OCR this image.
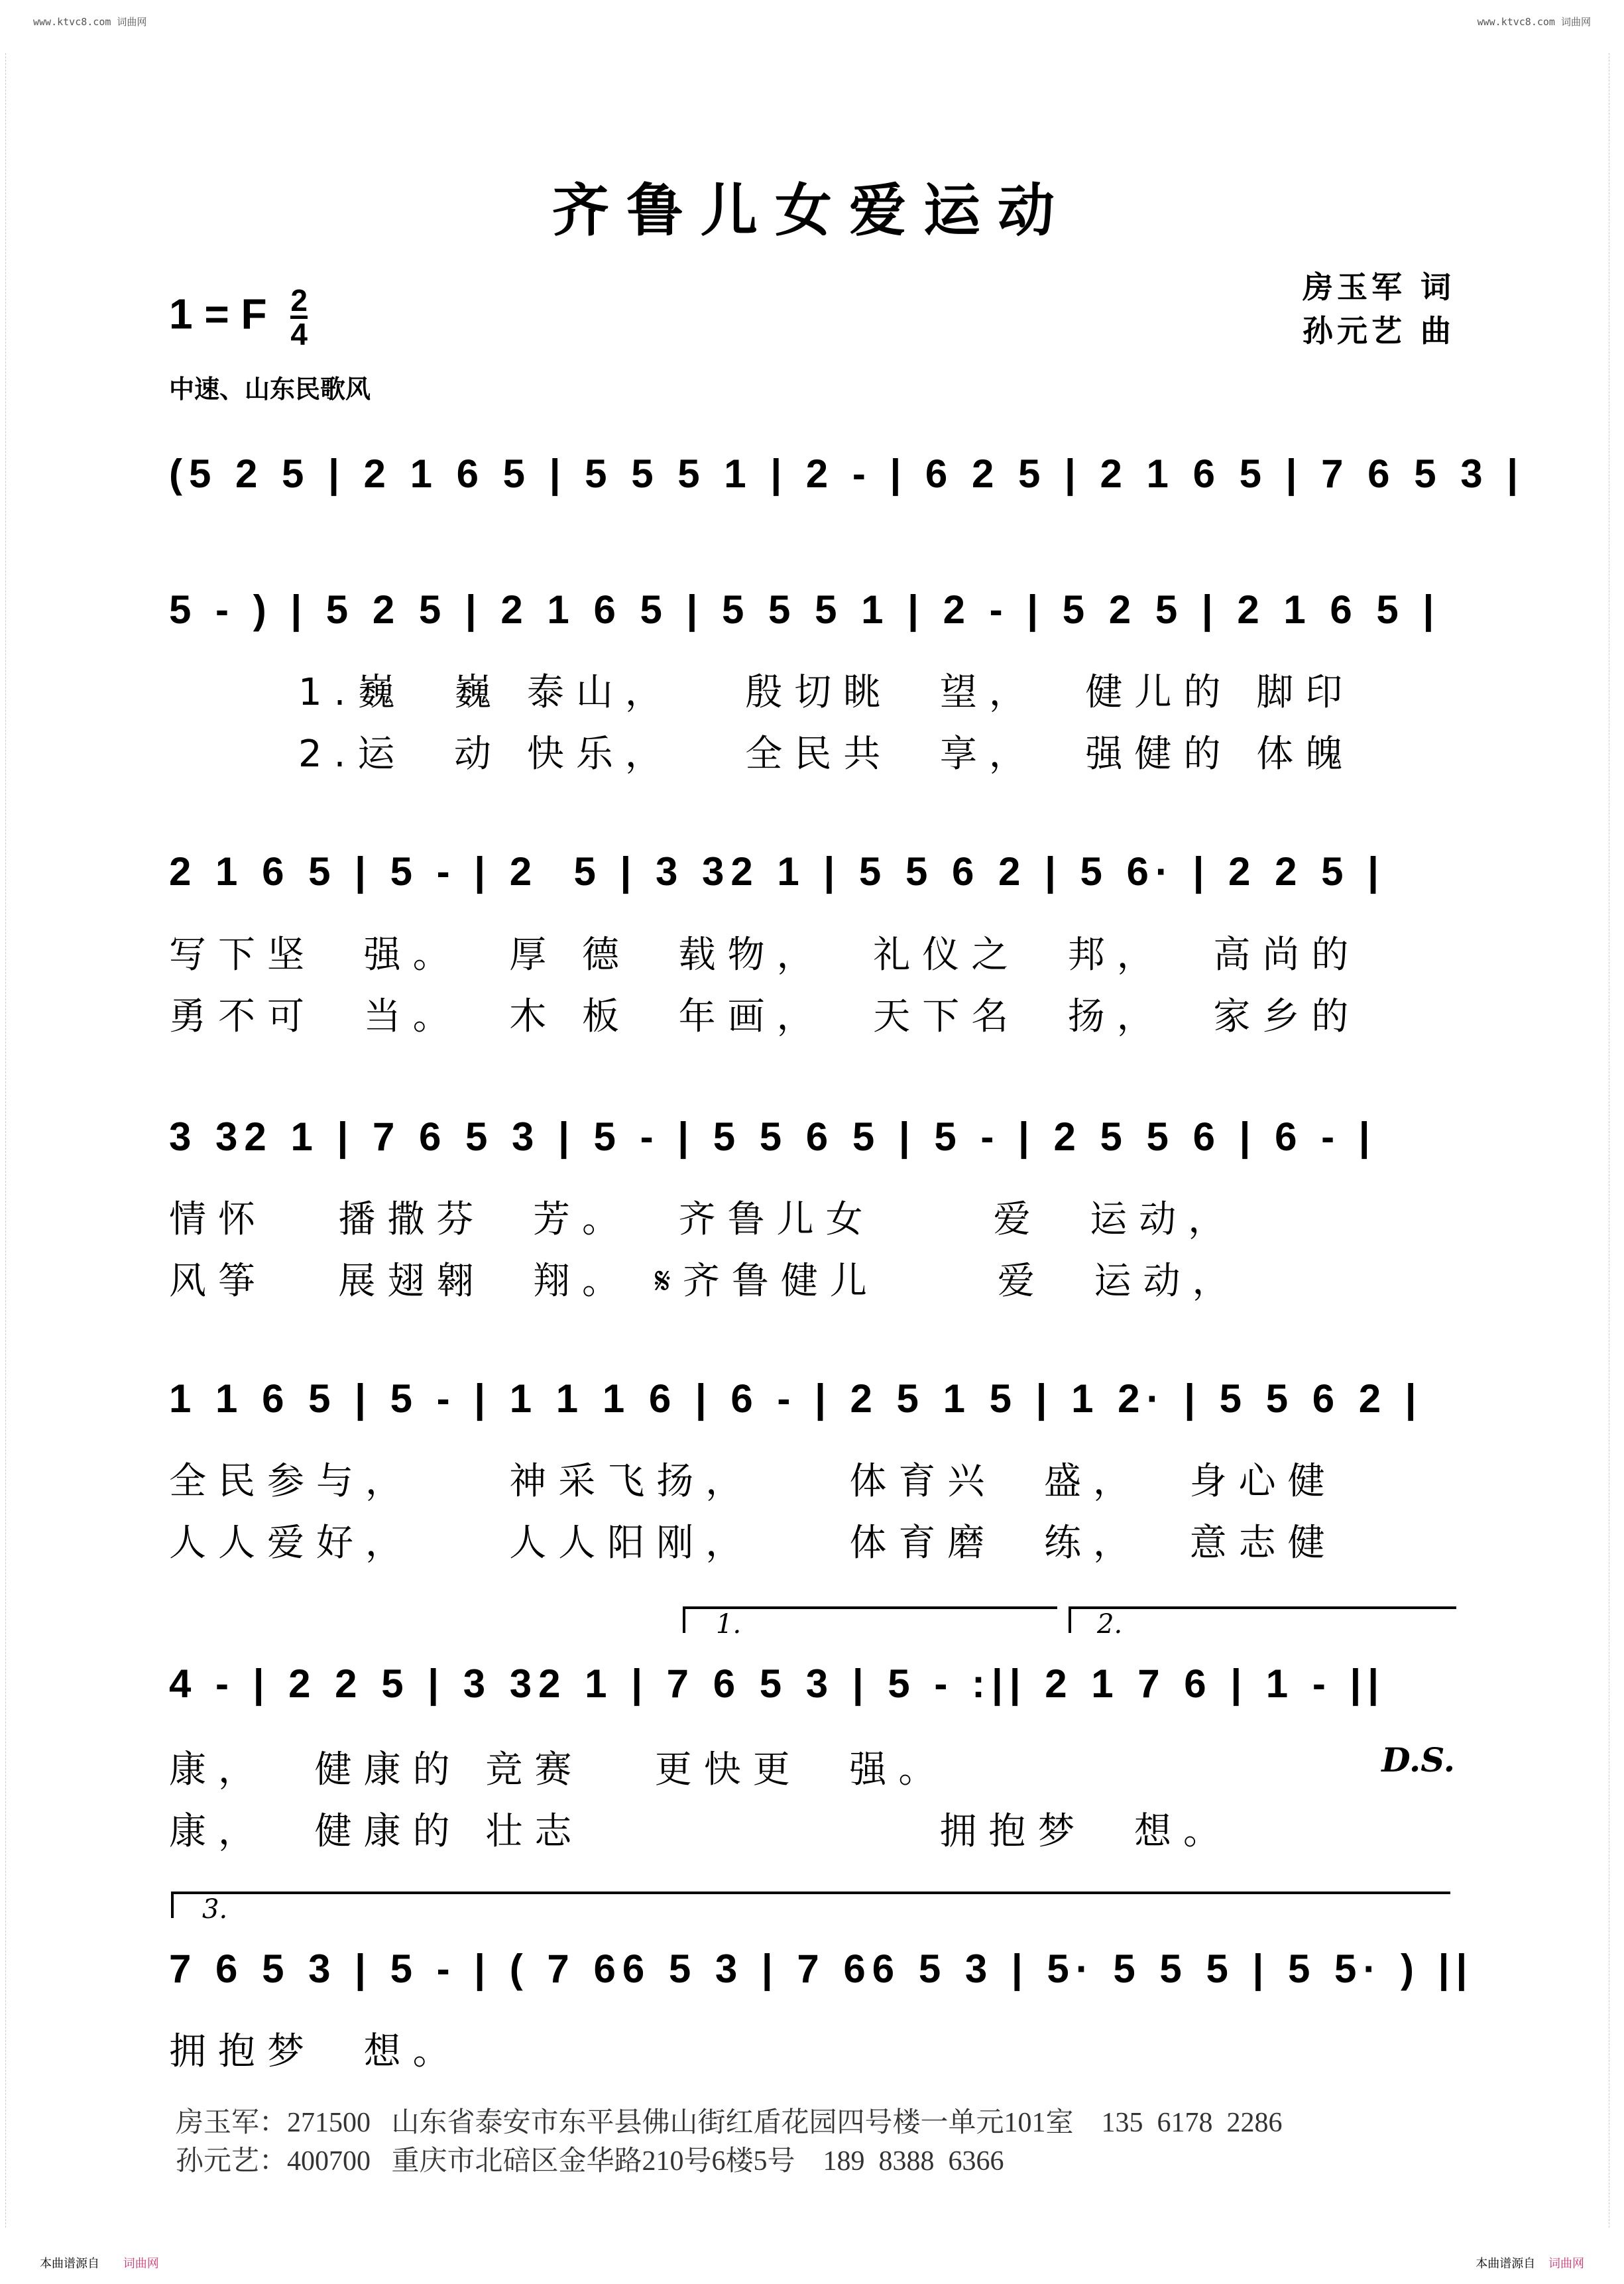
www.ktvc8.com 词曲网	www.ktvc8.com 词曲网
齐鲁儿女爱运动
1 = F $\frac{2}{4}$	房玉军 词
孙元艺 曲
中速、山东民歌风
(5 2 5 | 2 1 6 5 | 5 5 5 1 | 2 - | 6 2 5 | 2 1 6 5 | 7 6 5 3 |
5 - ) | 5 2 5 | 2 1 6 5 | 5 5 5 1 | 2 - | 5 2 5 | 2 1 6 5 |
1.巍  巍 泰山，   殷切眺  望，  健儿的 脚印
2.运  动 快乐，   全民共  享，  强健的 体魄
2 1 6 5 | 5 - | 2  5 | 3 32 1 | 5 5 6 2 | 5 6· | 2 2 5 |
写下坚  强。  厚 德  载物，  礼仪之  邦，  高尚的
勇不可  当。  木 板  年画，  天下名  扬，  家乡的
3 32 1 | 7 6 5 3 | 5 - | 5 5 6 5 | 5 - | 2 5 5 6 | 6 - |
情怀   播撒芬  芳。  齐鲁儿女     爱  运动，
风筝   展翅翱  翔。 𝄋齐鲁健儿     爱  运动，
1 1 6 5 | 5 - | 1 1 1 6 | 6 - | 2 5 1 5 | 1 2· | 5 5 6 2 |
全民参与，    神采飞扬，    体育兴  盛，  身心健
人人爱好，    人人阳刚，    体育磨  练，  意志健
1.	2.
4 - | 2 2 5 | 3 32 1 | 7 6 5 3 | 5 - :|| 2 1 7 6 | 1 - ||
康，  健康的 竞赛   更快更  强。	D.S.
康，  健康的 壮志               拥抱梦  想。
3.
7 6 5 3 | 5 - | ( 7 66 5 3 | 7 66 5 3 | 5· 5 5 5 | 5 5· ) ||
拥抱梦  想。
房玉军：271500   山东省泰安市东平县佛山街红盾花园四号楼一单元101室    135  6178  2286
孙元艺：400700   重庆市北碚区金华路210号6楼5号    189  8388  6366
本曲谱源自 词曲网	本曲谱源自 词曲网
